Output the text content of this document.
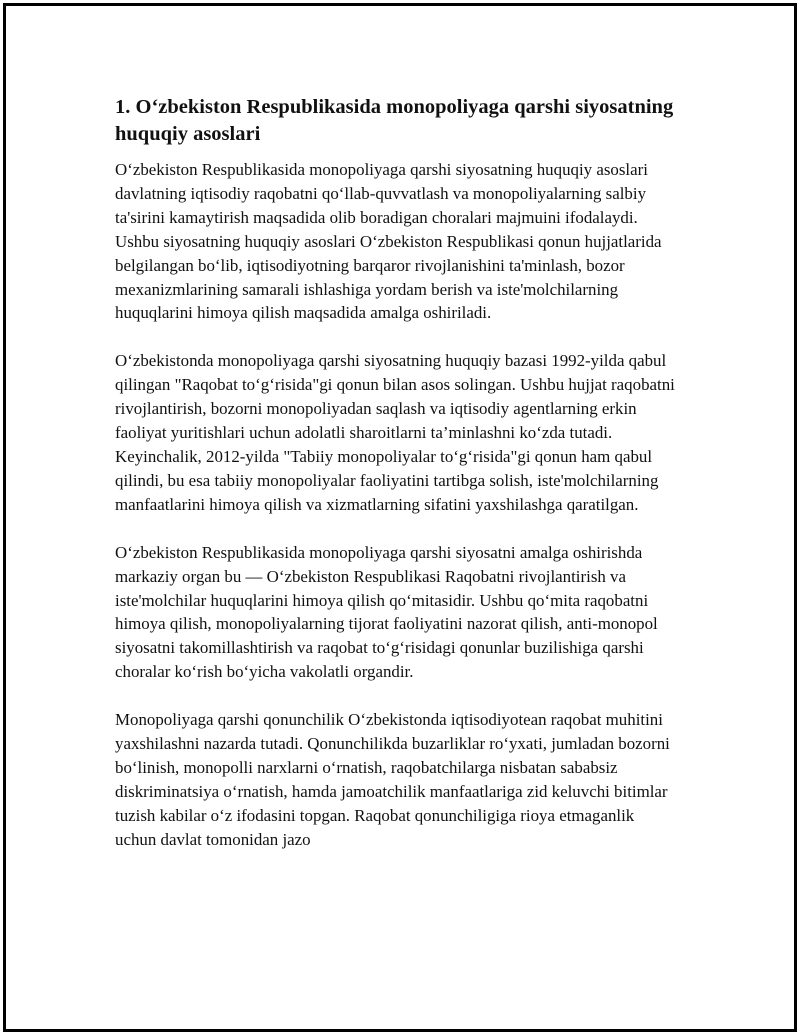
1. O‘zbekiston Respublikasida monopoliyaga qarshi siyosatning huquqiy asoslari

O‘zbekiston Respublikasida monopoliyaga qarshi siyosatning huquqiy asoslari davlatning iqtisodiy raqobatni qo‘llab-quvvatlash va monopoliyalarning salbiy ta'sirini kamaytirish maqsadida olib boradigan choralari majmuini ifodalaydi. Ushbu siyosatning huquqiy asoslari O‘zbekiston Respublikasi qonun hujjatlarida belgilangan bo‘lib, iqtisodiyotning barqaror rivojlanishini ta'minlash, bozor mexanizmlarining samarali ishlashiga yordam berish va iste'molchilarning huquqlarini himoya qilish maqsadida amalga oshiriladi.

O‘zbekistonda monopoliyaga qarshi siyosatning huquqiy bazasi 1992-yilda qabul qilingan "Raqobat to‘g‘risida"gi qonun bilan asos solingan. Ushbu hujjat raqobatni rivojlantirish, bozorni monopoliyadan saqlash va iqtisodiy agentlarning erkin faoliyat yuritishlari uchun adolatli sharoitlarni ta’minlashni ko‘zda tutadi. Keyinchalik, 2012-yilda "Tabiiy monopoliyalar to‘g‘risida"gi qonun ham qabul qilindi, bu esa tabiiy monopoliyalar faoliyatini tartibga solish, iste'molchilarning manfaatlarini himoya qilish va xizmatlarning sifatini yaxshilashga qaratilgan.

O‘zbekiston Respublikasida monopoliyaga qarshi siyosatni amalga oshirishda markaziy organ bu — O‘zbekiston Respublikasi Raqobatni rivojlantirish va iste'molchilar huquqlarini himoya qilish qo‘mitasidir. Ushbu qo‘mita raqobatni himoya qilish, monopoliyalarning tijorat faoliyatini nazorat qilish, anti-monopol siyosatni takomillashtirish va raqobat to‘g‘risidagi qonunlar buzilishiga qarshi choralar ko‘rish bo‘yicha vakolatli organdir.

Monopoliyaga qarshi qonunchilik O‘zbekistonda iqtisodiyotean raqobat muhitini yaxshilashni nazarda tutadi. Qonunchilikda buzarliklar ro‘yxati, jumladan bozorni bo‘linish, monopolli narxlarni o‘rnatish, raqobatchilarga nisbatan sababsiz diskriminatsiya o‘rnatish, hamda jamoatchilik manfaatlariga zid keluvchi bitimlar tuzish kabilar o‘z ifodasini topgan. Raqobat qonunchiligiga rioya etmaganlik uchun davlat tomonidan jazo
